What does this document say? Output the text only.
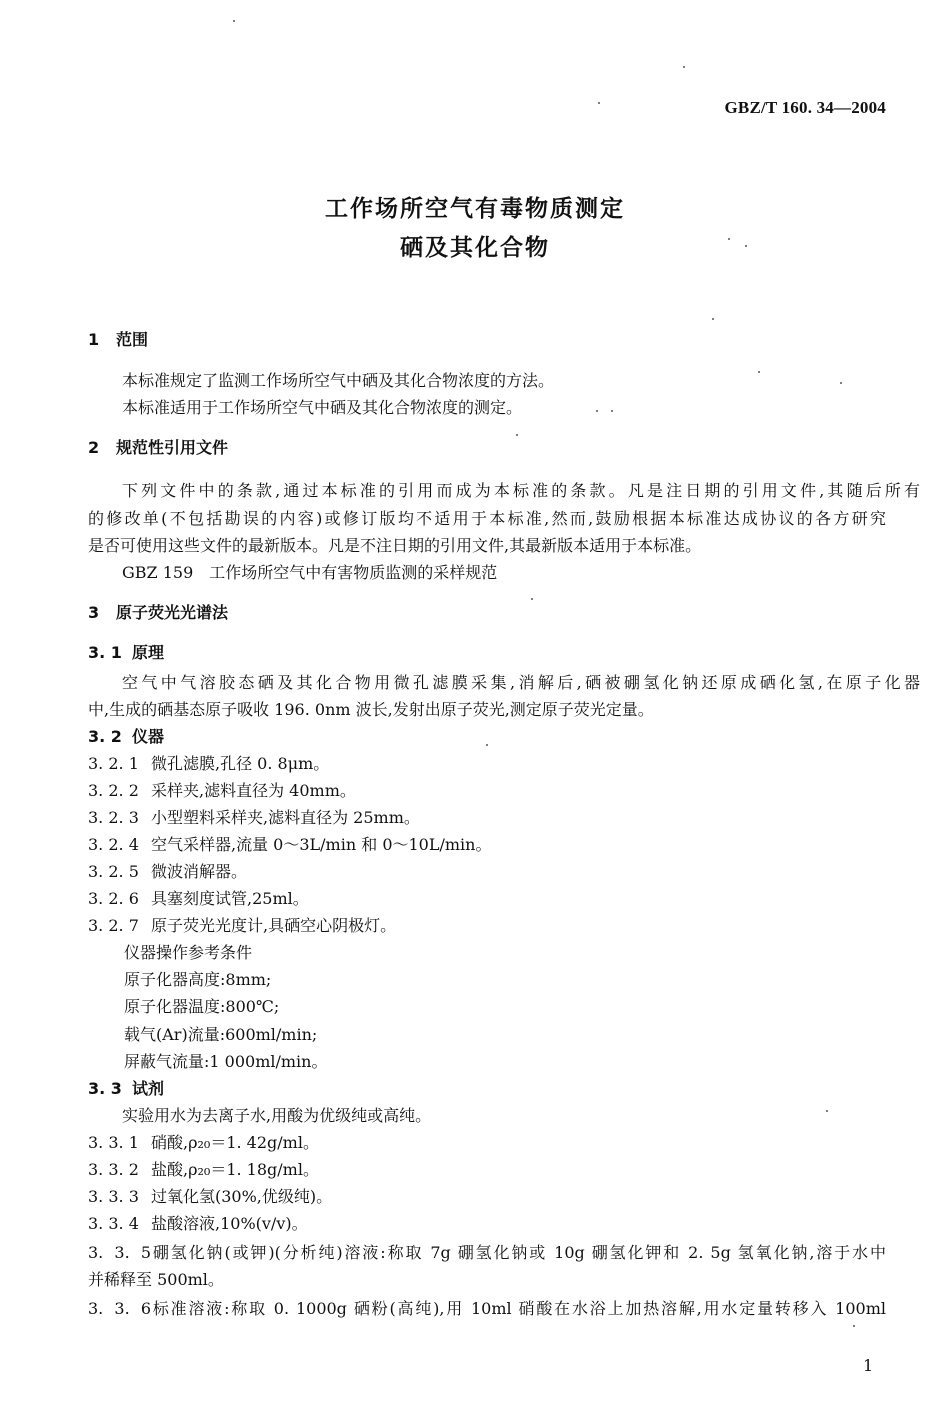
GBZ/T 160. 34—2004
工作场所空气有毒物质测定
硒及其化合物
1 范围
本标准规定了监测工作场所空气中硒及其化合物浓度的方法。
本标准适用于工作场所空气中硒及其化合物浓度的测定。
2 规范性引用文件
下列文件中的条款,通过本标准的引用而成为本标准的条款。凡是注日期的引用文件,其随后所有
的修改单(不包括勘误的内容)或修订版均不适用于本标准,然而,鼓励根据本标准达成协议的各方研究
是否可使用这些文件的最新版本。凡是不注日期的引用文件,其最新版本适用于本标准。
GBZ 159　工作场所空气中有害物质监测的采样规范
3 原子荧光光谱法
3. 1 原理
空气中气溶胶态硒及其化合物用微孔滤膜采集,消解后,硒被硼氢化钠还原成硒化氢,在原子化器
中,生成的硒基态原子吸收 196. 0nm 波长,发射出原子荧光,测定原子荧光定量。
3. 2 仪器
3. 2. 1 微孔滤膜,孔径 0. 8μm。
3. 2. 2 采样夹,滤料直径为 40mm。
3. 2. 3 小型塑料采样夹,滤料直径为 25mm。
3. 2. 4 空气采样器,流量 0～3L/min 和 0～10L/min。
3. 2. 5 微波消解器。
3. 2. 6 具塞刻度试管,25ml。
3. 2. 7 原子荧光光度计,具硒空心阴极灯。
仪器操作参考条件
原子化器高度:8mm;
原子化器温度:800℃;
载气(Ar)流量:600ml/min;
屏蔽气流量:1 000ml/min。
3. 3 试剂
实验用水为去离子水,用酸为优级纯或高纯。
3. 3. 1 硝酸,ρ₂₀＝1. 42g/ml。
3. 3. 2 盐酸,ρ₂₀＝1. 18g/ml。
3. 3. 3 过氧化氢(30%,优级纯)。
3. 3. 4 盐酸溶液,10%(v/v)。
3. 3. 5硼氢化钠(或钾)(分析纯)溶液:称取 7g 硼氢化钠或 10g 硼氢化钾和 2. 5g 氢氧化钠,溶于水中
并稀释至 500ml。
3. 3. 6标准溶液:称取 0. 1000g 硒粉(高纯),用 10ml 硝酸在水浴上加热溶解,用水定量转移入 100ml
1
